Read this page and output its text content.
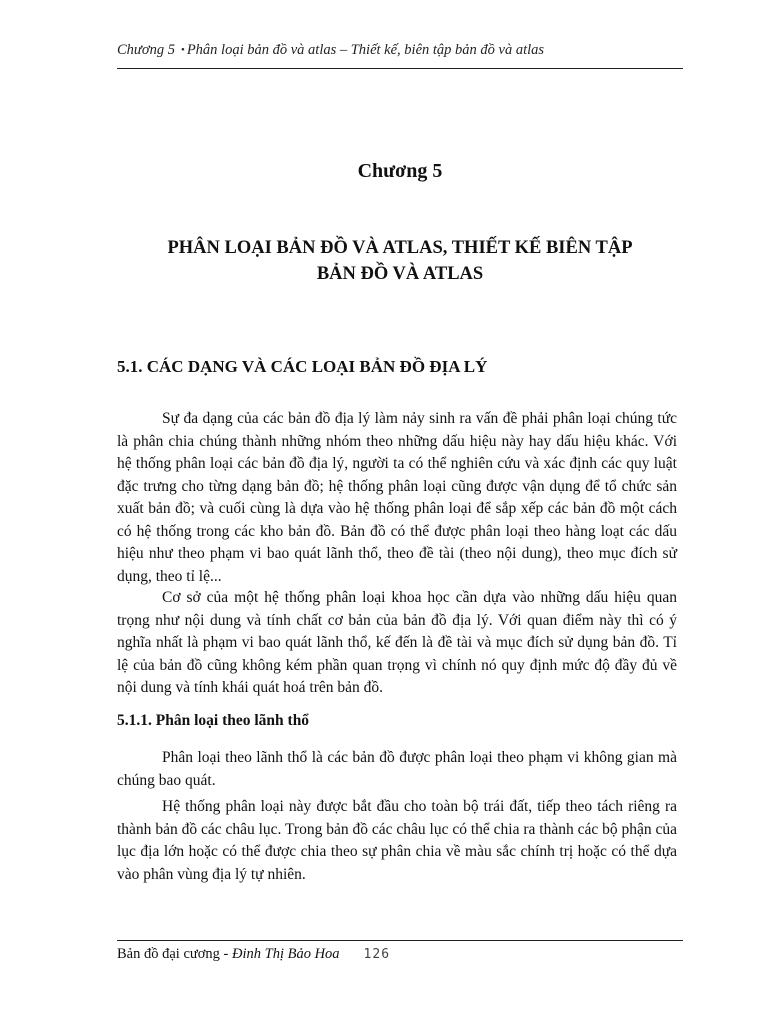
Chương 5 • Phân loại bản đồ và atlas – Thiết kế, biên tập bản đồ và atlas
Chương 5
PHÂN LOẠI BẢN ĐỒ VÀ ATLAS, THIẾT KẾ BIÊN TẬP
BẢN ĐỒ VÀ ATLAS
5.1. CÁC DẠNG VÀ CÁC LOẠI BẢN ĐỒ ĐỊA LÝ

Sự đa dạng của các bản đồ địa lý làm nảy sinh ra vấn đề phải phân loại chúng tức là phân chia chúng thành những nhóm theo những dấu hiệu này hay dấu hiệu khác. Với hệ thống phân loại các bản đồ địa lý, người ta có thể nghiên cứu và xác định các quy luật đặc trưng cho từng dạng bản đồ; hệ thống phân loại cũng được vận dụng để tổ chức sản xuất bản đồ; và cuối cùng là dựa vào hệ thống phân loại để sắp xếp các bản đồ một cách có hệ thống trong các kho bản đồ. Bản đồ có thể được phân loại theo hàng loạt các dấu hiệu như theo phạm vi bao quát lãnh thổ, theo đề tài (theo nội dung), theo mục đích sử dụng, theo tỉ lệ...

Cơ sở của một hệ thống phân loại khoa học cần dựa vào những dấu hiệu quan trọng như nội dung và tính chất cơ bản của bản đồ địa lý. Với quan điểm này thì có ý nghĩa nhất là phạm vi bao quát lãnh thổ, kế đến là đề tài và mục đích sử dụng bản đồ. Tỉ lệ của bản đồ cũng không kém phần quan trọng vì chính nó quy định mức độ đầy đủ về nội dung và tính khái quát hoá trên bản đồ.

5.1.1. Phân loại theo lãnh thổ

Phân loại theo lãnh thổ là các bản đồ được phân loại theo phạm vi không gian mà chúng bao quát.

Hệ thống phân loại này được bắt đầu cho toàn bộ trái đất, tiếp theo tách riêng ra thành bản đồ các châu lục. Trong bản đồ các châu lục có thể chia ra thành các bộ phận của lục địa lớn hoặc có thể được chia theo sự phân chia về màu sắc chính trị hoặc có thể dựa vào phân vùng địa lý tự nhiên.

Bản đồ đại cương - Đinh Thị Bảo Hoa 126
